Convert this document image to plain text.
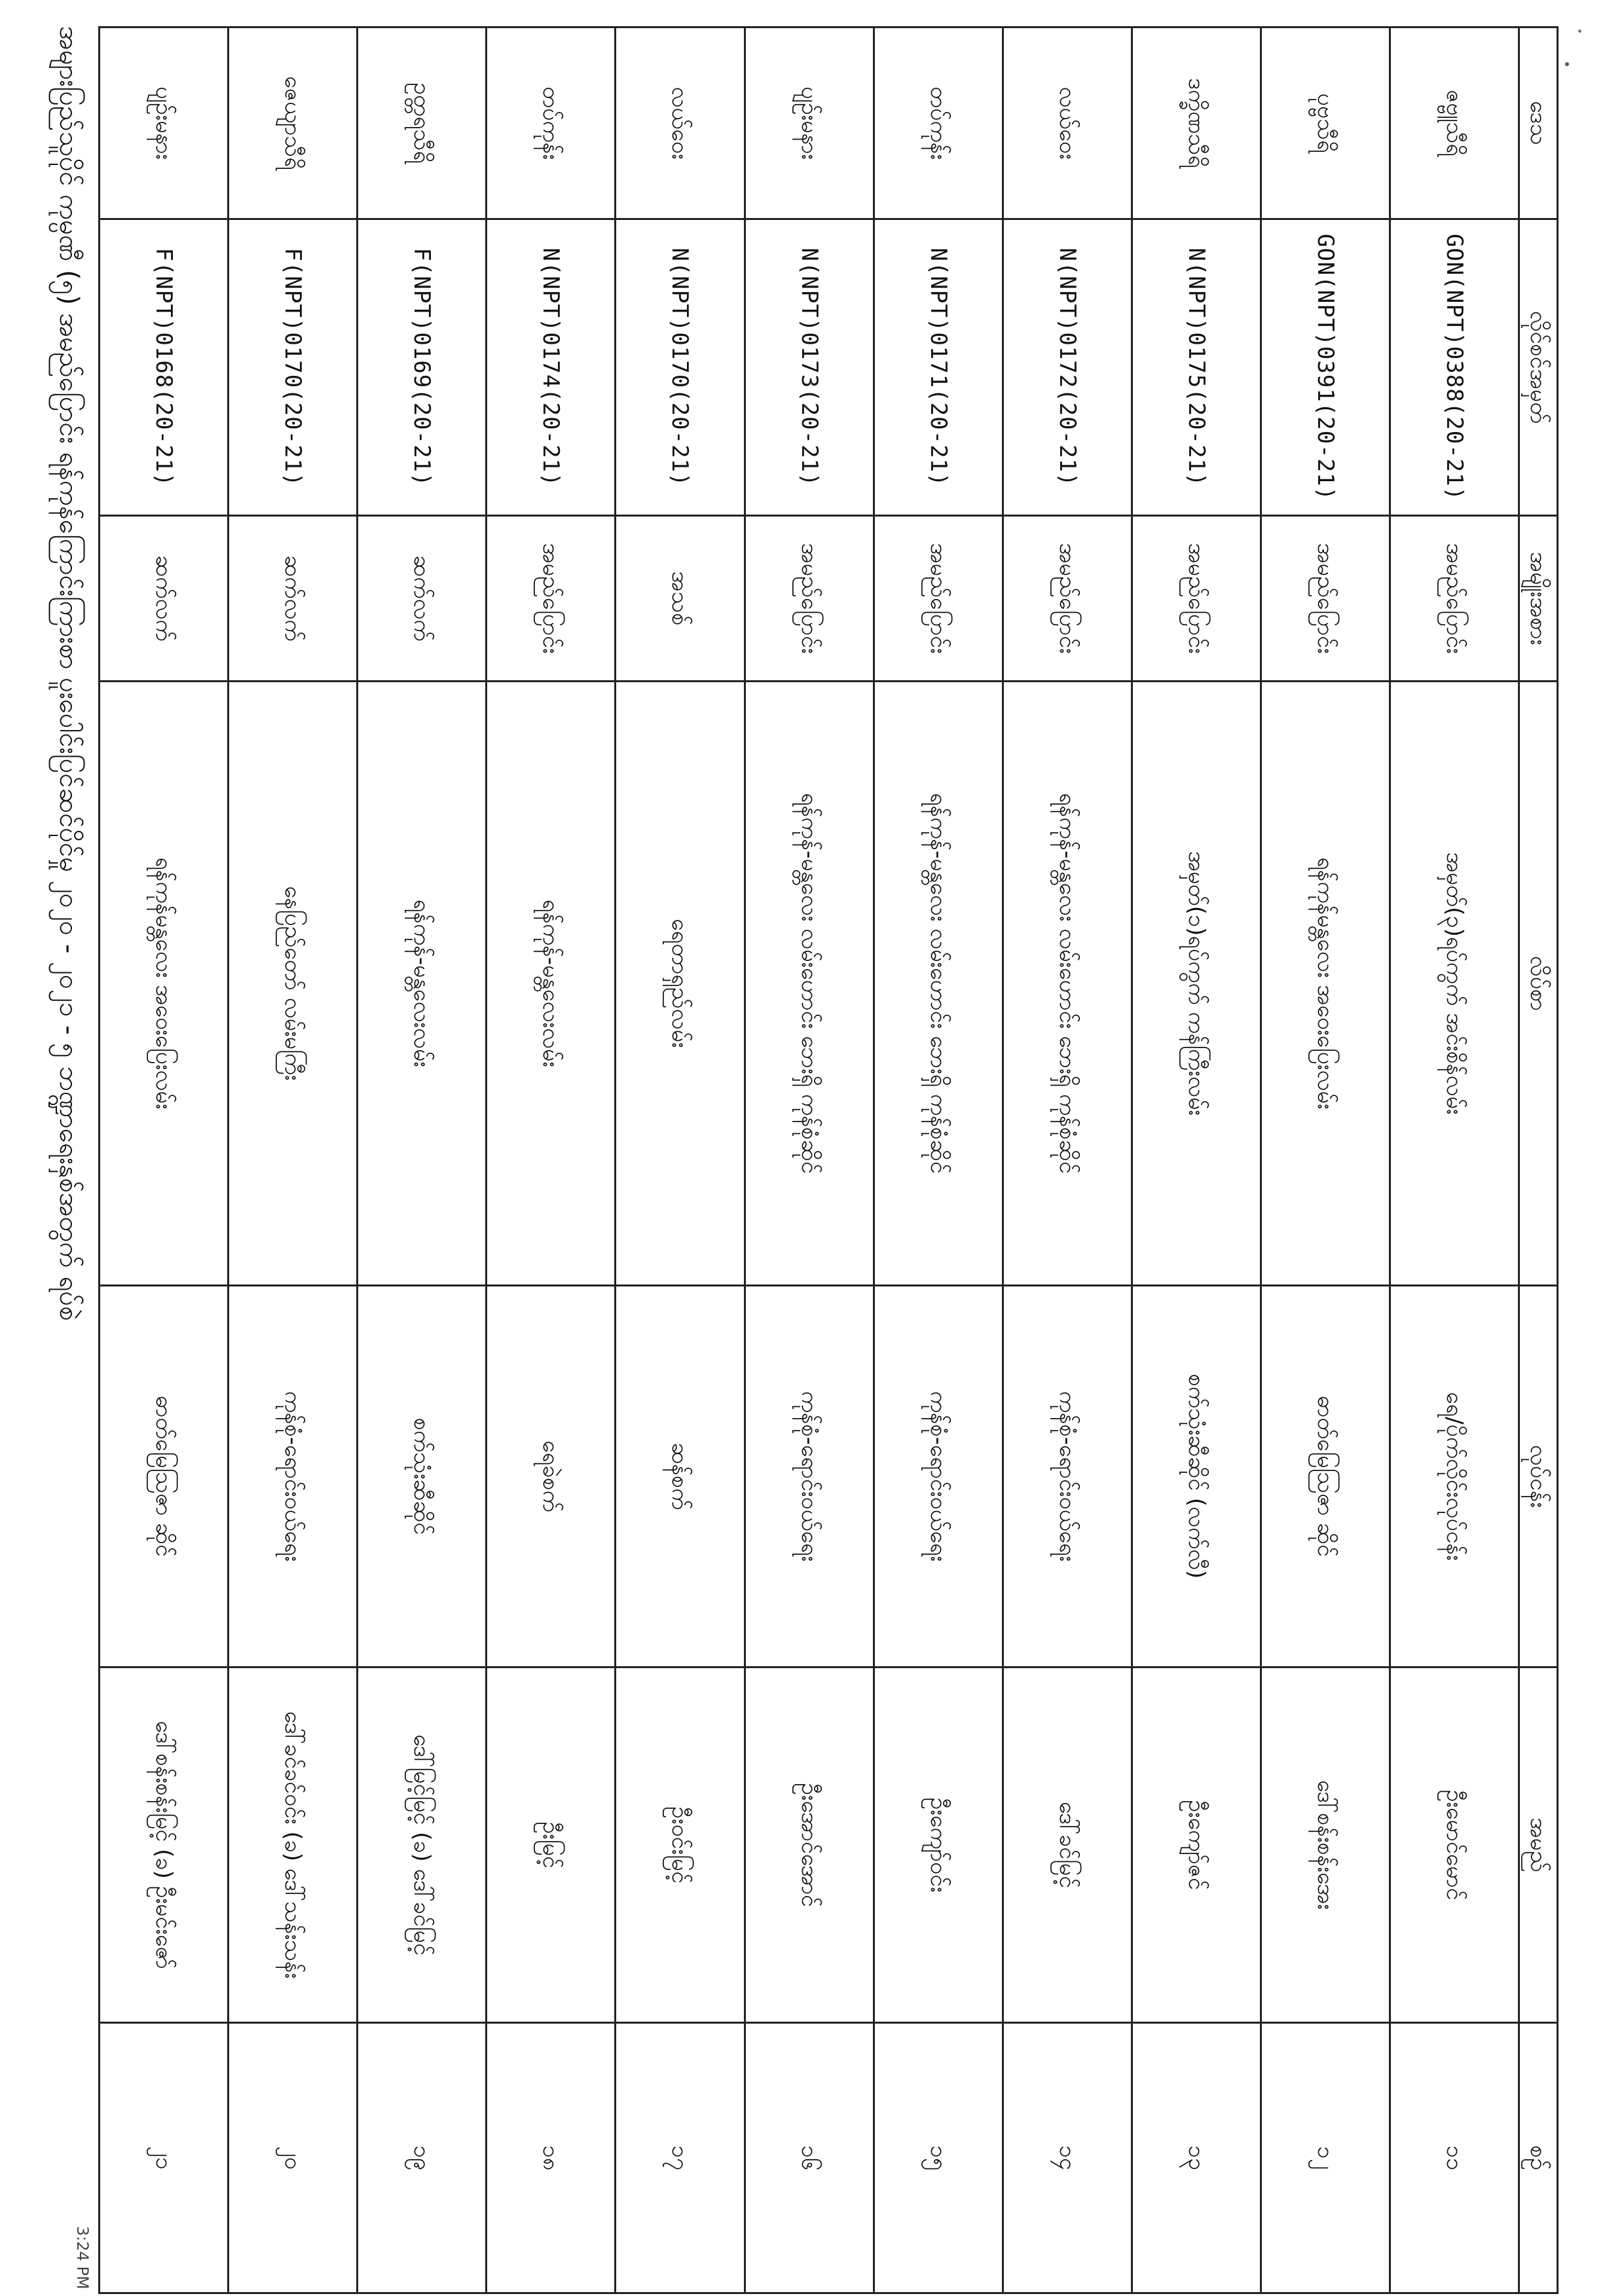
ဒေသ	လိုင်စင်အမှတ်	အမျိုးအစား	လိပ်စာ	လုပ်ငန်း	အမည်	စဉ်
ဇဗ္ဗူသီရိ	GON(NPT)0388(20-21)	အမည်ပြောင်း	အမှတ်(၃)ရပ်ကွက် အင်းစိန်လမ်း	ရေ/ပိုက်လိုင်းလုပ်ငန်း	ဦးမောင်မောင်	၁၁
ပုဗ္ဗသီရိ	GON(NPT)0391(20-21)	အမည်ပြောင်း	ရန်ကုန်မန္တလေး အဝေးပြေးလမ်း	ဓာတ်မြေဩဇာ ဆိုင်	ဒေါ်စန်းစန်းအေး	၁၂
ဒက္ခိဏသီရိ	N(NPT)0175(20-21)	အမည်ပြောင်း	အမှတ်(၁)ရပ်ကွက် ကန်ကြီးလမ်း	စက်သုံးဆီဆိုင် (လက်လီ)	ဦးကျော်ဇင်	၁၃
လယ်ဝေး	N(NPT)0172(20-21)	အမည်ပြောင်း	ရန်ကုန်-မန္တလေး လမ်းဟောင်း ဘေးရှိ ကုန်စုံဆိုင်	ကုန်စုံ-ရောင်းဝယ်ရေး	ဒေါ်ခင်မြင့်	၁၄
တပ်ကုန်း	N(NPT)0171(20-21)	အမည်ပြောင်း	ရန်ကုန်-မန္တလေး လမ်းဟောင်း ဘေးရှိ ကုန်စုံဆိုင်	ကုန်စုံ-ရောင်းဝယ်ရေး	ဦးကျော်ဝင်း	၁၅
ပျဉ်းမနား	N(NPT)0173(20-21)	အမည်ပြောင်း	ရန်ကုန်-မန္တလေး လမ်းဟောင်း ဘေးရှိ ကုန်စုံဆိုင်	ကုန်စုံ-ရောင်းဝယ်ရေး	ဦးအောင်အောင်	၁၆
လယ်ဝေး	N(NPT)0170(20-21)	အသစ်	ရေတာရှည်လမ်း	ဆန်စက်	ဦးဝင်းမြင့်	၁၇
တပ်ကုန်း	N(NPT)0174(20-21)	အမည်ပြောင်း	ရန်ကုန်-မန္တလေးလမ်း	ရေခဲစက်	ဦးမြင့်	၁၈
ဥတ္တရသီရိ	F(NPT)0169(20-21)	ဆက်လက်	ရန်ကုန်-မန္တလေးလမ်း	စက်သုံးဆီဆိုင်	ဒေါ်မြင့်မြင့် (ခ) ဒေါ်ခင်မြင့်	၁၉
ဇေယျာသီရိ	F(NPT)0170(20-21)	ဆက်လက်	နေပြည်တော် လမ်းမကြီး	ကုန်စုံ-ရောင်းဝယ်ရေး	ဒေါ်ခင်ခင်ဝင်း (ခ) ဒေါ်သန်းသန်း	၂၀
ပျဉ်းမနား	F(NPT)0168(20-21)	ဆက်လက်	ရန်ကုန်မန္တလေး အဝေးပြေးလမ်း	ဓာတ်မြေဩဇာ ဆိုင်	ဒေါ်စန်းစန်းမြင့် (ခ) ဦးမင်းဇော်	၂၁
အများပြည်သူပိုင် ကုမ္ပဏီ (၅) အမည်ပြောင်း ရန်ကုန်ကြောင်းကြားစာ ပူးပေါင်းပြင်ဆင်ပိုင်မှု ၂၀၂၀ - ၂၀၂၁ - ၅ ဘဏ္ဍာရေးနှစ်အတွက် ရပ်စဲ
3:24 PM
